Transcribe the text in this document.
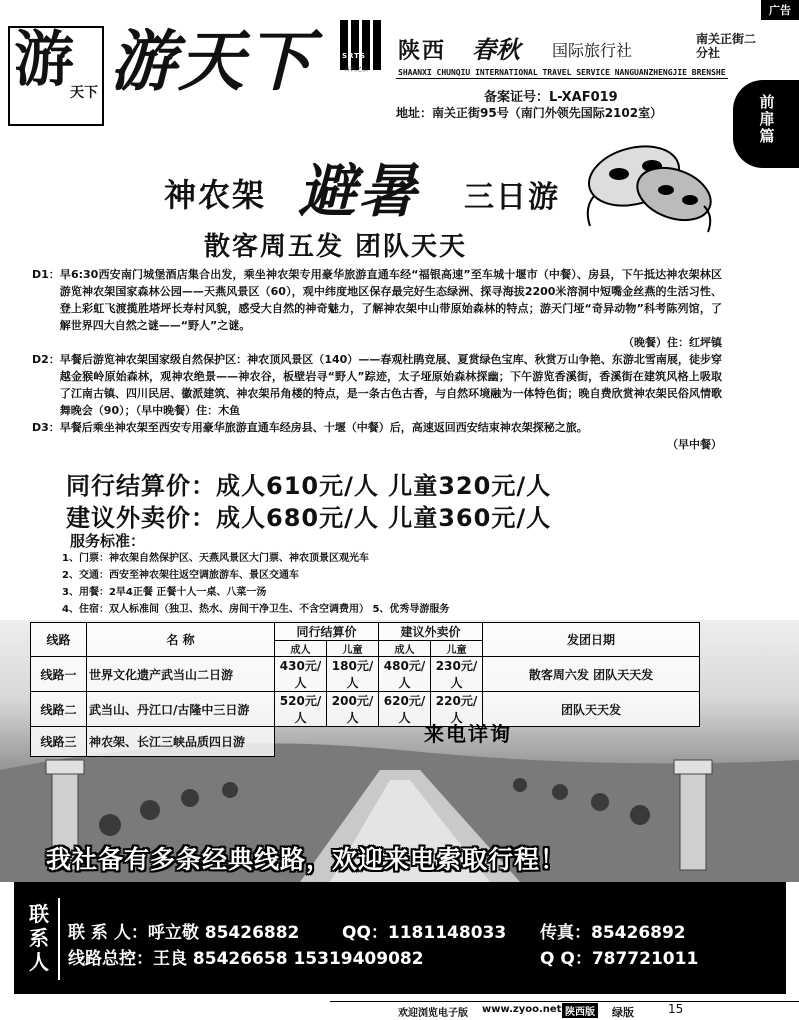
广告
游
天下 游天下	SRTS
春秋之旅
陕西 春秋 国际旅行社
南关正街二分社
SHAANXI CHUNQIU INTERNATIONAL TRAVEL SERVICE NANGUANZHENGJIE BRENSHE
备案证号：L-XAF019
地址：南关正街95号（南门外领先国际2102室）
前扉篇
神农架 避暑 三日游
散客周五发 团队天天
D1： 早6:30西安南门城堡酒店集合出发，乘坐神农架专用豪华旅游直通车经“福银高速”至车城十堰市（中餐）、房县，下午抵达神农架林区游览神农架国家森林公园——天燕风景区（60），观中纬度地区保存最完好生态绿洲、探寻海拔2200米溶洞中短嘴金丝燕的生活习性、登上彩虹飞渡揽胜塔坪长寿村风貌，感受大自然的神奇魅力，了解神农架中山带原始森林的特点；游天门垭“奇异动物”科考陈列馆，了解世界四大自然之谜——“野人”之谜。
（晚餐）住：红坪镇
D2： 早餐后游览神农架国家级自然保护区：神农顶风景区（140）——春观杜鹃竞展、夏赏绿色宝库、秋赏万山争艳、东游北雪南展，徒步穿越金猴岭原始森林，观神农绝景——神农谷，板壁岩寻“野人”踪迹，太子垭原始森林探幽；下午游览香溪街，香溪街在建筑风格上吸取了江南古镇、四川民居、徽派建筑、神农架吊角楼的特点，是一条古色古香，与自然环境融为一体特色街；晚自费欣赏神农架民俗风情歌舞晚会（90）；（早中晚餐）住：木鱼
D3： 早餐后乘坐神农架至西安专用豪华旅游直通车经房县、十堰（中餐）后，高速返回西安结束神农架探秘之旅。
（早中餐）
同行结算价：成人610元/人 儿童320元/人
建议外卖价：成人680元/人 儿童360元/人
服务标准：
1、门票：神农架自然保护区、天燕风景区大门票、神农顶景区观光车
2、交通：西安至神农架往返空调旅游车、景区交通车
3、用餐：2早4正餐 正餐十人一桌、八菜一汤
4、住宿：双人标准间（独卫、热水、房间干净卫生、不含空调费用） 5、优秀导游服务
线路	名 称	同行结算价		建议外卖价		发团日期
		成人	儿童	成人	儿童	
线路一	世界文化遗产武当山二日游	430元/人	180元/人	480元/人	230元/人	散客周六发 团队天天发
线路二	武当山、丹江口/古隆中三日游	520元/人	200元/人	620元/人	220元/人	团队天天发
线路三	神农架、长江三峡品质四日游						来电详询
我社备有多条经典线路，欢迎来电索取行程！
联系人
联 系 人：呼立敬 85426882	QQ：1181148033 传真：85426892
线路总控：王良 85426658 15319409082	Q Q：787721011
欢迎浏览电子版 www.zyoo.net 陕西版 绿版	15
